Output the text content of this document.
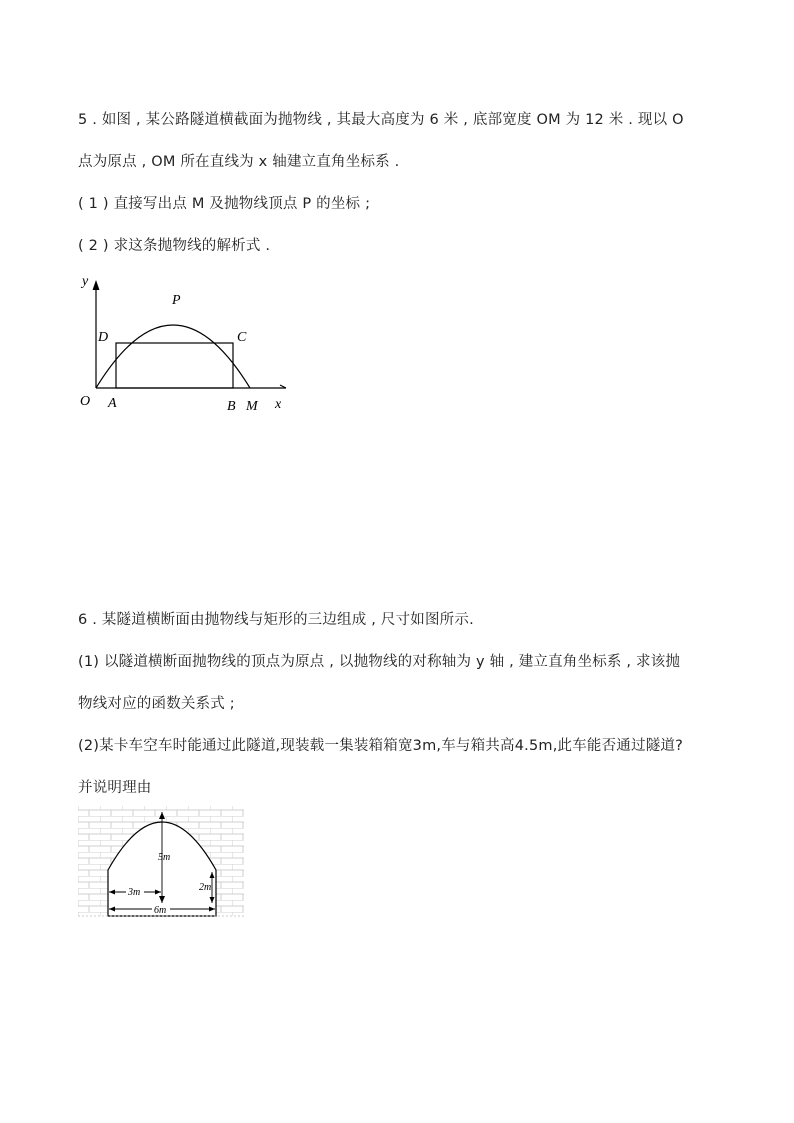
5 . 如图 , 某公路隧道横截面为抛物线 , 其最大高度为 6 米 , 底部宽度 OM 为 12 米 . 现以 O
点为原点 , OM 所在直线为 x 轴建立直角坐标系 .
( 1 ) 直接写出点 M 及抛物线顶点 P 的坐标 ;
( 2 ) 求这条抛物线的解析式 .
y
x
O
P
D	C
A	B M
6 . 某隧道横断面由抛物线与矩形的三边组成 , 尺寸如图所示.
(1) 以隧道横断面抛物线的顶点为原点 , 以抛物线的对称轴为 y 轴 , 建立直角坐标系 , 求该抛
物线对应的函数关系式 ;
(2)某卡车空车时能通过此隧道,现装载一集装箱箱宽3m,车与箱共高4.5m,此车能否通过隧道?
并说明理由
5m
2m
3m
6m
